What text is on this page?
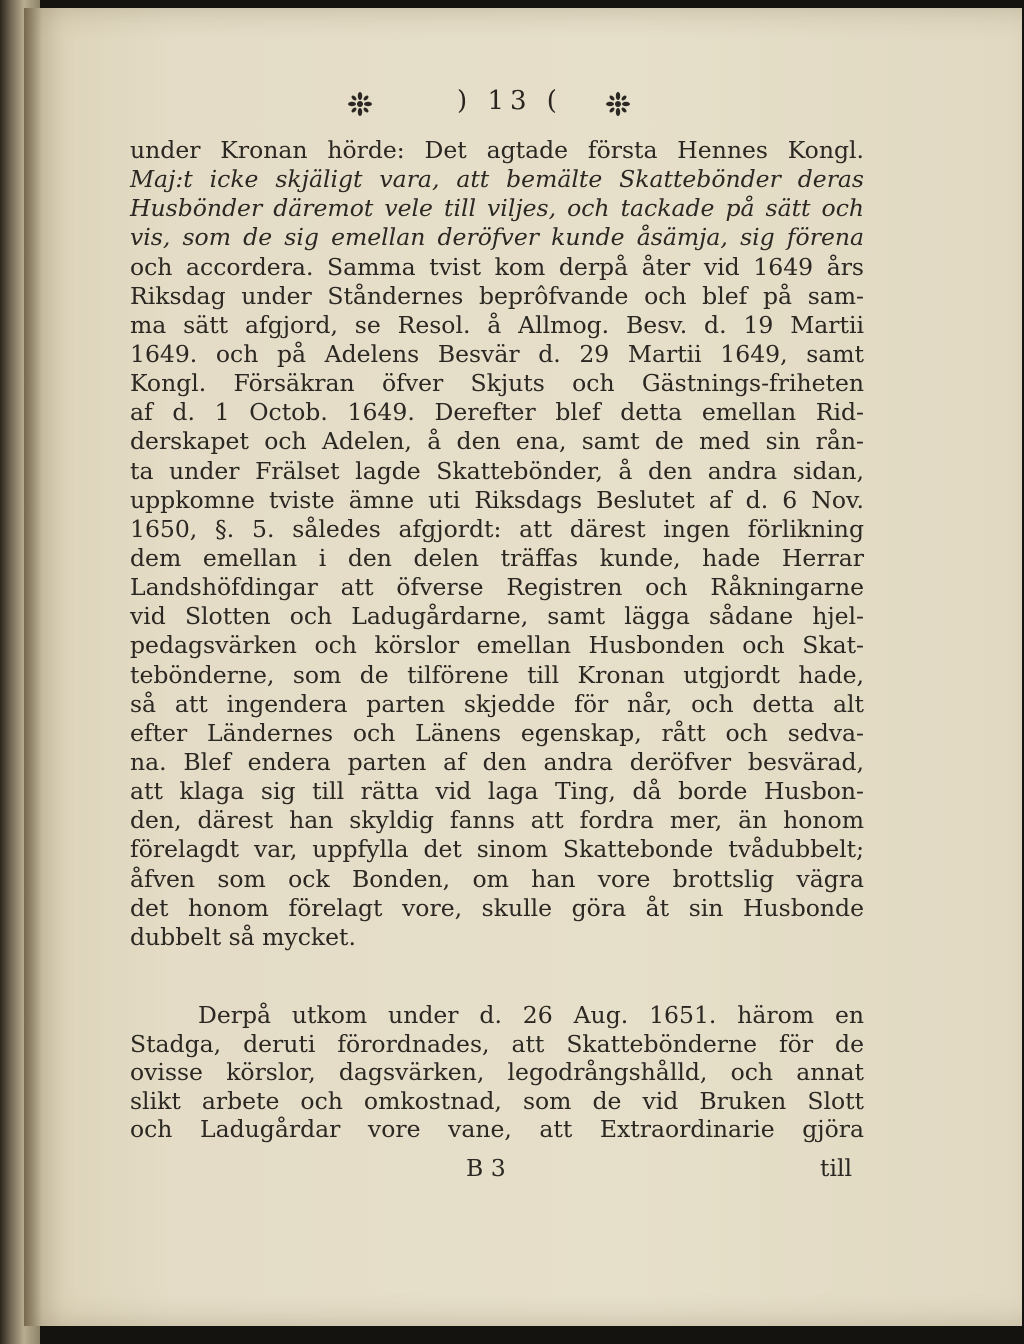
) 13 (
under Kronan hörde: Det agtade första Hennes Kongl.
Maj:t icke skjäligt vara, att bemälte Skattebönder deras
Husbönder däremot vele till viljes, och tackade på sätt och
vis, som de sig emellan deröfver kunde åsämja, sig förena
och accordera. Samma tvist kom derpå åter vid 1649 års
Riksdag under Ståndernes beprôfvande och blef på sam-
ma sätt afgjord, se Resol. å Allmog. Besv. d. 19 Martii
1649. och på Adelens Besvär d. 29 Martii 1649, samt
Kongl. Försäkran öfver Skjuts och Gästnings-friheten
af d. 1 Octob. 1649. Derefter blef detta emellan Rid-
derskapet och Adelen, å den ena, samt de med sin rån-
ta under Frälset lagde Skattebönder, å den andra sidan,
uppkomne tviste ämne uti Riksdags Beslutet af d. 6 Nov.
1650, §. 5. således afgjordt: att därest ingen förlikning
dem emellan i den delen träffas kunde, hade Herrar
Landshöfdingar att öfverse Registren och Råkningarne
vid Slotten och Ladugårdarne, samt lägga sådane hjel-
pedagsvärken och körslor emellan Husbonden och Skat-
tebönderne, som de tilförene till Kronan utgjordt hade,
så att ingendera parten skjedde för når, och detta alt
efter Ländernes och Länens egenskap, rått och sedva-
na. Blef endera parten af den andra deröfver besvärad,
att klaga sig till rätta vid laga Ting, då borde Husbon-
den, därest han skyldig fanns att fordra mer, än honom
förelagdt var, uppfylla det sinom Skattebonde tvådubbelt;
åfven som ock Bonden, om han vore brottslig vägra
det honom förelagt vore, skulle göra åt sin Husbonde
dubbelt så mycket.
Derpå utkom under d. 26 Aug. 1651. härom en
Stadga, deruti förordnades, att Skattebönderne för de
ovisse körslor, dagsvärken, legodrångshålld, och annat
slikt arbete och omkostnad, som de vid Bruken Slott
och Ladugårdar vore vane, att Extraordinarie gjöra
B 3	till
